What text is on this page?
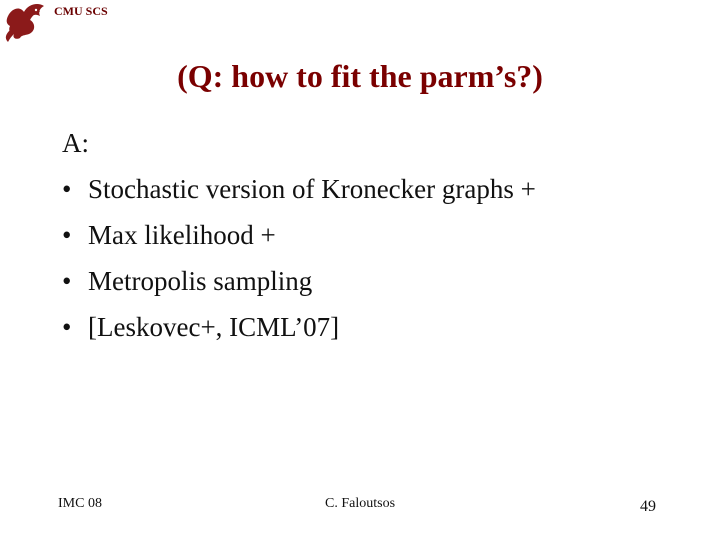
CMU SCS
(Q: how to fit the parm’s?)
A:
• Stochastic version of Kronecker graphs +
• Max likelihood +
• Metropolis sampling
• [Leskovec+, ICML’07]
IMC 08	C. Faloutsos	49
